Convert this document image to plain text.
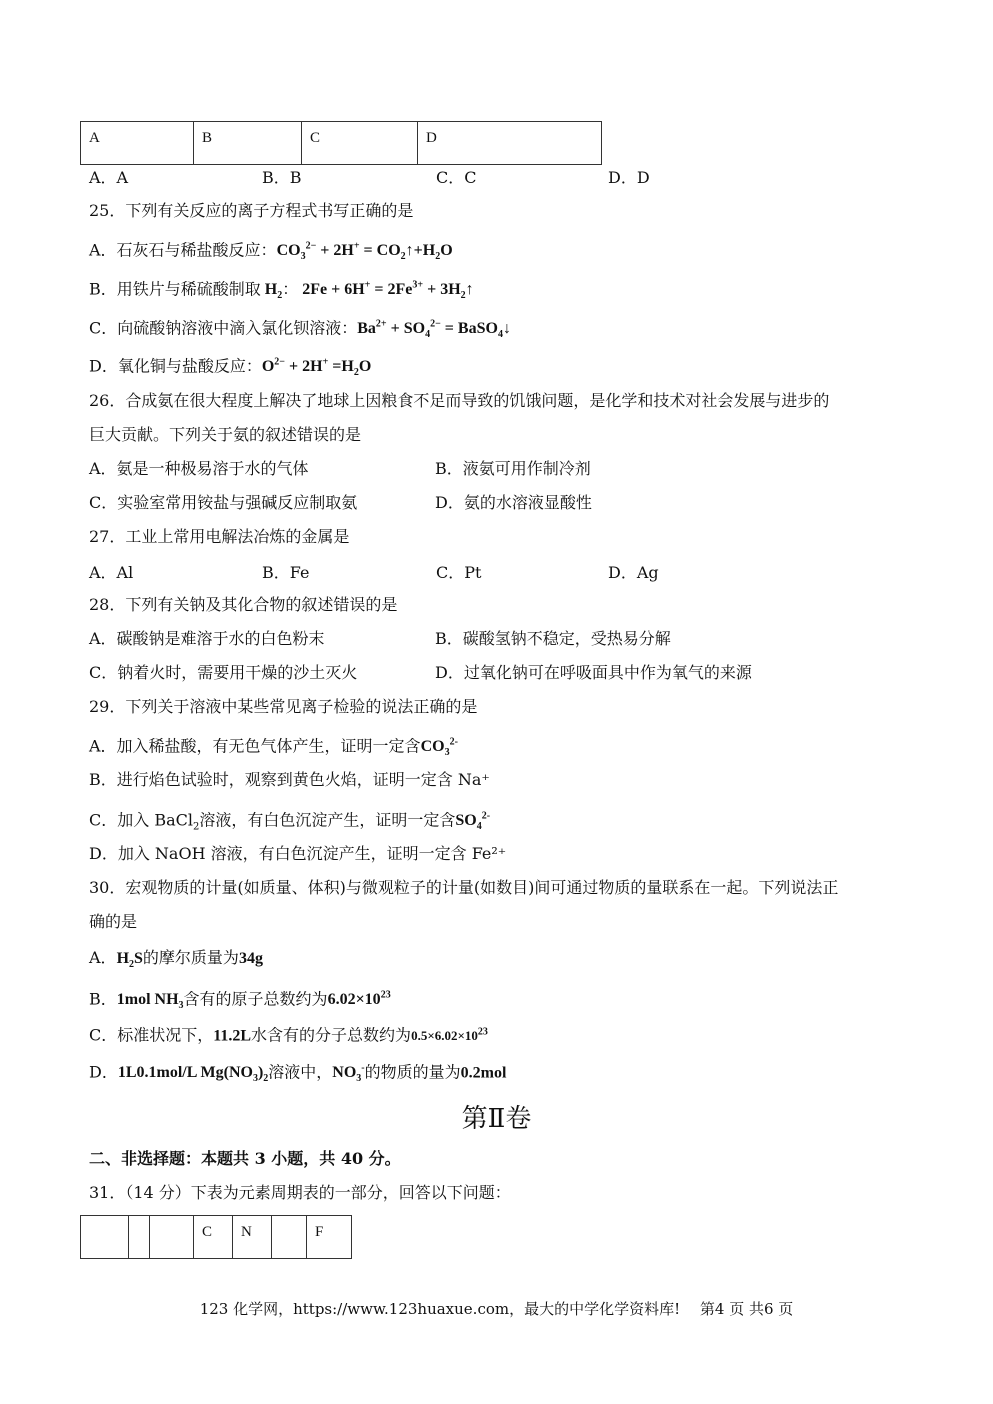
A	B	C	D
A．A	B．B	C．C	D．D
25．下列有关反应的离子方程式书写正确的是
A．石灰石与稀盐酸反应：$CO_3^{2-} + 2H^+$ = $CO_2↑+H_2O$
B．用铁片与稀硫酸制取 $H_2$： $2Fe + 6H^+ = 2Fe^{3+}$ + $3H_2↑$
C．向硫酸钠溶液中滴入氯化钡溶液：$Ba^{2+} + SO_4^{2-}$ = BaSO$_4$↓
D．氧化铜与盐酸反应：$O^{2-} + 2H^+ =H_2O$
26．合成氨在很大程度上解决了地球上因粮食不足而导致的饥饿问题，是化学和技术对社会发展与进步的
巨大贡献。下列关于氨的叙述错误的是
A．氨是一种极易溶于水的气体	B．液氨可用作制冷剂
C．实验室常用铵盐与强碱反应制取氨	D．氨的水溶液显酸性
27．工业上常用电解法冶炼的金属是
A．Al	B．Fe	C．Pt	D．Ag
28．下列有关钠及其化合物的叙述错误的是
A．碳酸钠是难溶于水的白色粉末	B．碳酸氢钠不稳定，受热易分解
C．钠着火时，需要用干燥的沙土灭火	D．过氧化钠可在呼吸面具中作为氧气的来源
29．下列关于溶液中某些常见离子检验的说法正确的是
A．加入稀盐酸，有无色气体产生，证明一定含$CO_3^{2-}$
B．进行焰色试验时，观察到黄色火焰，证明一定含 Na⁺
C．加入 BaCl$_2$溶液，有白色沉淀产生，证明一定含$SO_4^{2-}$
D．加入 NaOH 溶液，有白色沉淀产生，证明一定含 Fe²⁺
30．宏观物质的计量(如质量、体积)与微观粒子的计量(如数目)间可通过物质的量联系在一起。下列说法正
确的是
A．$H_2S$的摩尔质量为34g
B．1mol $NH_3$含有的原子总数约为$6.02\times 10^{23}$
C．标准状况下，11.2L水含有的分子总数约为$0.5\times 6.02\times 10^{23}$
D．1L0.1mol/L $Mg(NO_3)_2$溶液中，$NO_3^-$的物质的量为0.2mol
第Ⅱ卷
二、非选择题：本题共 3 小题，共 40 分。
31．（14 分）下表为元素周期表的一部分，回答以下问题：
			C	N		F
123 化学网，https://www.123huaxue.com，最大的中学化学资料库!　 第4 页 共6 页
